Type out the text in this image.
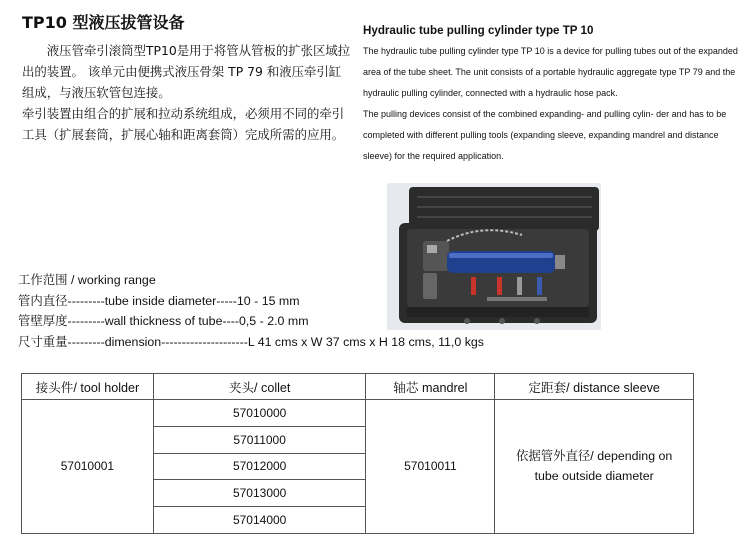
TP10 型液压拔管设备

液压管牵引滚筒型TP10是用于将管从管板的扩张区域拉出的装置。 该单元由便携式液压骨架 TP 79 和液压牵引缸组成，与液压软管包连接。

牵引装置由组合的扩展和拉动系统组成，必须用不同的牵引工具（扩展套筒，扩展心轴和距离套筒）完成所需的应用。

Hydraulic tube pulling cylinder type TP 10

The hydraulic tube pulling cylinder type TP 10 is a device for pulling tubes out of the expanded area of the tube sheet. The unit consists of a portable hydraulic aggregate type TP 79 and the hydraulic pulling cylinder, connected with a hydraulic hose pack.

The pulling devices consist of the combined expanding- and pulling cylin- der and has to be completed with different pulling tools (expanding sleeve, expanding mandrel and distance sleeve) for the required application.

工作范围 / working range
管内直径---------tube inside diameter-----10 - 15 mm
管壁厚度---------wall thickness of tube----0,5 - 2.0 mm
尺寸重量---------dimension---------------------L 41 cms x W 37 cms x H 18 cms, 11,0 kgs
接头件/ tool holder	夹头/ collet	轴芯 mandrel	定距套/ distance sleeve
57010001	57010000	57010011	依据管外直径/ depending on
tube outside diameter

	57011000		
	57012000		
	57013000		
	57014000		
